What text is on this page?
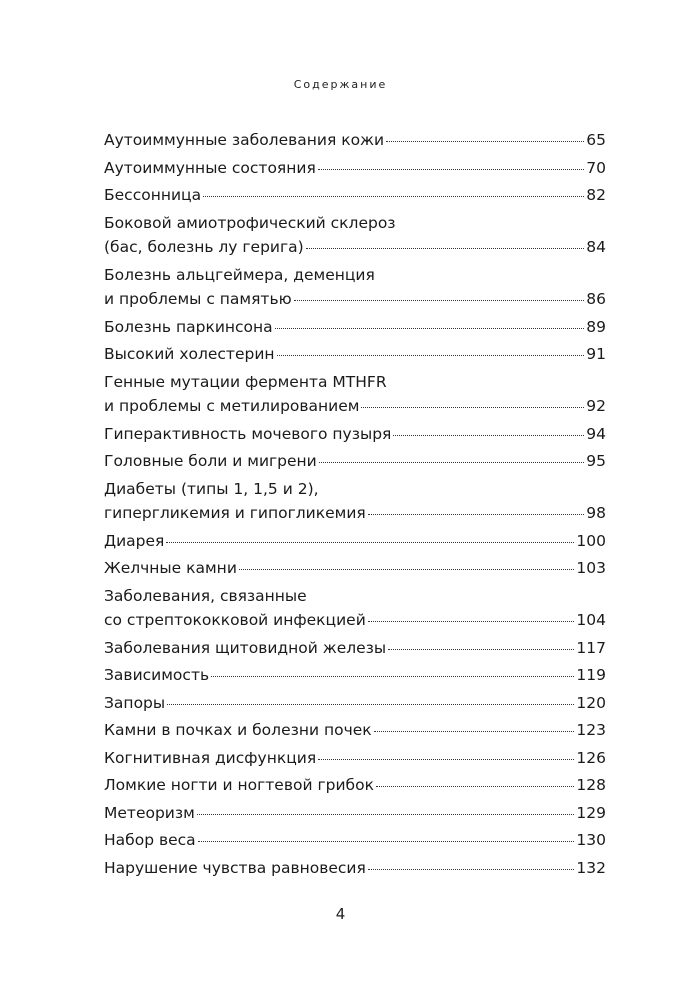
Содержание
Аутоиммунные заболевания кожи	65
Аутоиммунные состояния	70
Бессонница	82
Боковой амиотрофический склероз
(бас, болезнь лу герига)	84
Болезнь альцгеймера, деменция
и проблемы с памятью	86
Болезнь паркинсона	89
Высокий холестерин	91
Генные мутации фермента MTHFR
и проблемы с метилированием	92
Гиперактивность мочевого пузыря	94
Головные боли и мигрени	95
Диабеты (типы 1, 1,5 и 2),
гипергликемия и гипогликемия	98
Диарея	100
Желчные камни	103
Заболевания, связанные
со стрептококковой инфекцией	104
Заболевания щитовидной железы	117
Зависимость	119
Запоры	120
Камни в почках и болезни почек	123
Когнитивная дисфункция	126
Ломкие ногти и ногтевой грибок	128
Метеоризм	129
Набор веса	130
Нарушение чувства равновесия	132
4
